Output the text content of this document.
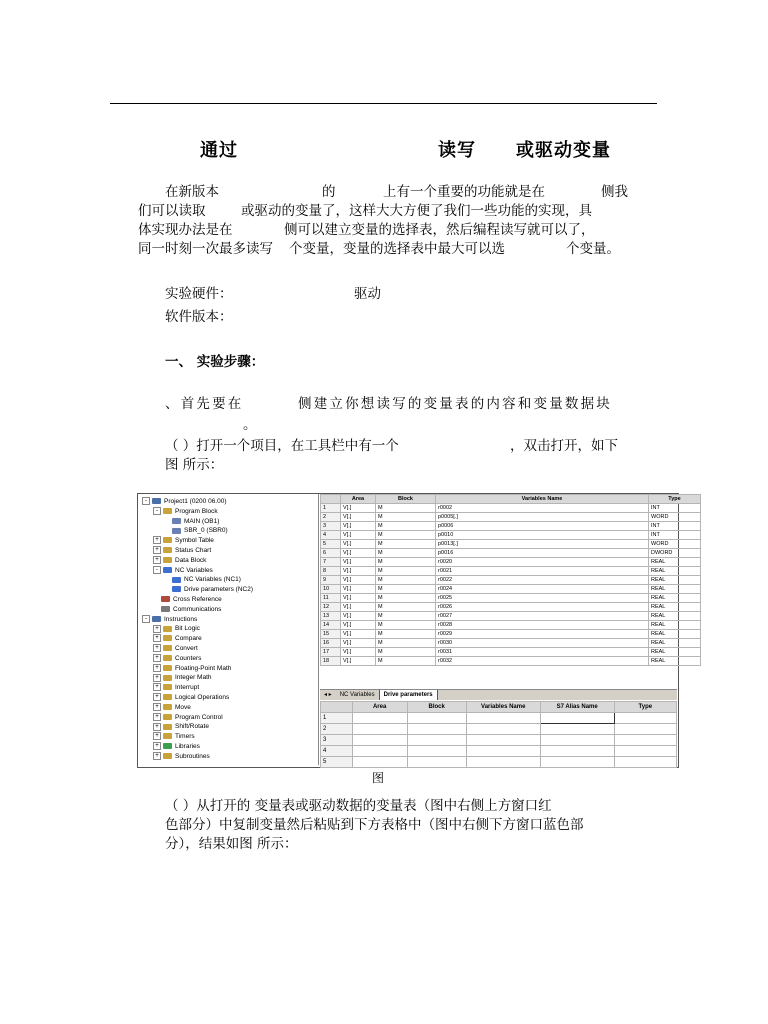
通过	读写 或驱动变量
在新版本	的	上有一个重要的功能就是在	侧我
们可以读取	或驱动的变量了，这样大大方便了我们一些功能的实现，具
体实现办法是在	侧可以建立变量的选择表，然后编程读写就可以了，
同一时刻一次最多读写 个变量，变量的选择表中最大可以选	个变量。
实验硬件：	驱动
软件版本：
一、 实验步骤：
、首先要在	侧建立你想读写的变量表的内容和变量数据块
。
（ ）打开一个项目，在工具栏中有一个	，双击打开，如下
图 所示：
-	Project1 (0200 06.00)
-	Program Block
MAIN (OB1)
SBR_0 (SBR0)
+	Symbol Table
+	Status Chart
+	Data Block
-	NC Variables
NC Variables (NC1)
Drive parameters (NC2)
Cross Reference
Communications
-	Instructions
+	Bit Logic
+	Compare
+	Convert
+	Counters
+	Floating-Point Math
+	Integer Math
+	Interrupt
+	Logical Operations
+	Move
+	Program Control
+	Shift/Rotate
+	Timers
+	Libraries
+	Subroutines
	Area	Block	Variables Name	Type
1	V[.]	M	r0002	INT
2	V[.]	M	p0005[.]	WORD
3	V[.]	M	p0006	INT
4	V[.]	M	p0010	INT
5	V[.]	M	p0013[.]	WORD
6	V[.]	M	p0016	DWORD
7	V[.]	M	r0020	REAL
8	V[.]	M	r0021	REAL
9	V[.]	M	r0022	REAL
10	V[.]	M	r0024	REAL
11	V[.]	M	r0025	REAL
12	V[.]	M	r0026	REAL
13	V[.]	M	r0027	REAL
14	V[.]	M	r0028	REAL
15	V[.]	M	r0029	REAL
16	V[.]	M	r0030	REAL
17	V[.]	M	r0031	REAL
18	V[.]	M	r0032	REAL
◂ ▸ NC Variables Drive parameters
	Area	Block	Variables Name	S7 Alias Name	Type
1					
2					
3					
4					
5					
图
（ ）从打开的 变量表或驱动数据的变量表（图中右侧上方窗口红
色部分）中复制变量然后粘贴到下方表格中（图中右侧下方窗口蓝色部
分），结果如图 所示：
